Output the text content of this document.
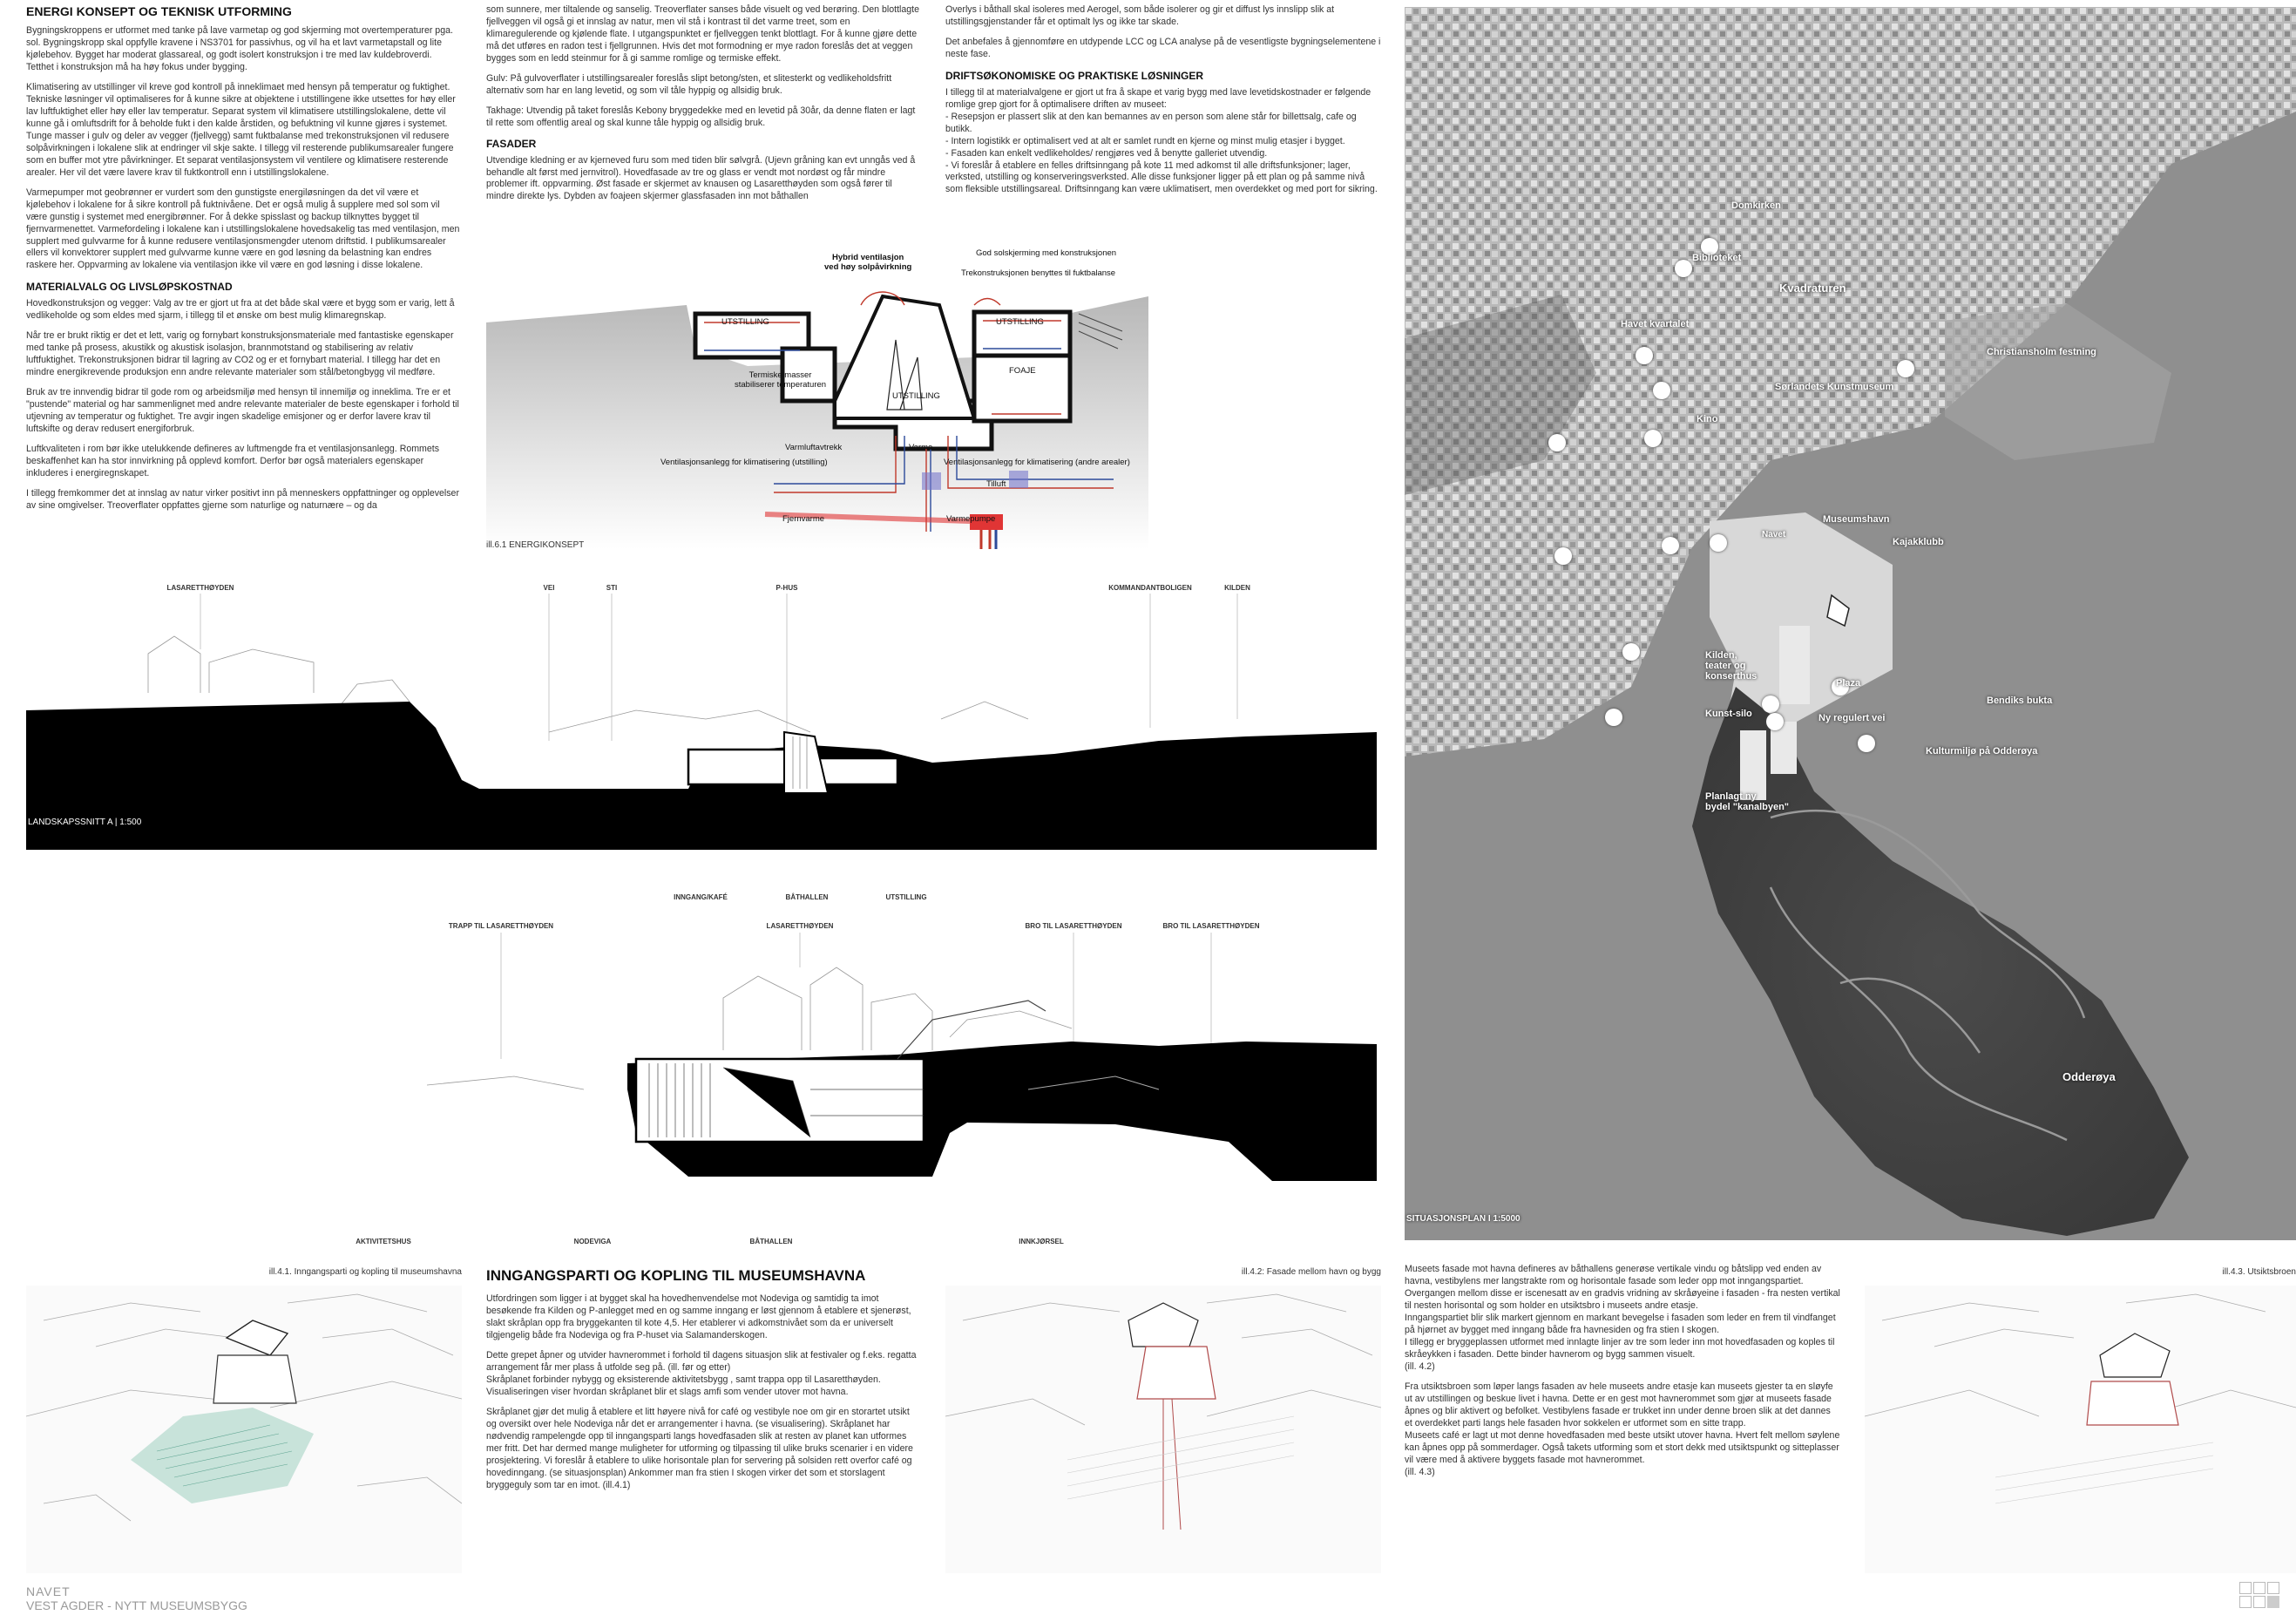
ENERGI KONSEPT OG TEKNISK UTFORMING

Bygningskroppens er utformet med tanke på lave varmetap og god skjerming mot overtemperaturer pga. sol. Bygningskropp skal oppfylle kravene i NS3701 for passivhus, og vil ha et lavt varmetapstall og lite kjølebehov. Bygget har moderat glassareal, og godt isolert konstruksjon i tre med lav kuldebroverdi. Tetthet i konstruksjon må ha høy fokus under bygging.

Klimatisering av utstillinger vil kreve god kontroll på inneklimaet med hensyn på temperatur og fuktighet. Tekniske løsninger vil optimaliseres for å kunne sikre at objektene i utstillingene ikke utsettes for høy eller lav luftfuktighet eller høy eller lav temperatur. Separat system vil klimatisere utstillingslokalene, dette vil kunne gå i omluftsdrift for å beholde fukt i den kalde årstiden, og befuktning vil kunne gjøres i systemet. Tunge masser i gulv og deler av vegger (fjellvegg) samt fuktbalanse med trekonstruksjonen vil redusere solpåvirkningen i lokalene slik at endringer vil skje sakte. I tillegg vil resterende publikumsarealer fungere som en buffer mot ytre påvirkninger. Et separat ventilasjonsystem vil ventilere og klimatisere resterende arealer. Her vil det være lavere krav til fuktkontroll enn i utstillingslokalene.

Varmepumper mot geobrønner er vurdert som den gunstigste energiløsningen da det vil være et kjølebehov i lokalene for å sikre kontroll på fuktnivåene. Det er også mulig å supplere med sol som vil være gunstig i systemet med energibrønner. For å dekke spisslast og backup tilknyttes bygget til fjernvarmenettet. Varmefordeling i lokalene kan i utstillingslokalene hovedsakelig tas med ventilasjon, men supplert med gulvvarme for å kunne redusere ventilasjonsmengder utenom driftstid. I publikumsarealer ellers vil konvektorer supplert med gulvvarme kunne være en god løsning da belastning kan endres raskere her. Oppvarming av lokalene via ventilasjon ikke vil være en god løsning i disse lokalene.

MATERIALVALG OG LIVSLØPSKOSTNAD

Hovedkonstruksjon og vegger: Valg av tre er gjort ut fra at det både skal være et bygg som er varig, lett å vedlikeholde og som eldes med sjarm, i tillegg til et ønske om best mulig klimaregnskap.

Når tre er brukt riktig er det et lett, varig og fornybart konstruksjonsmateriale med fantastiske egenskaper med tanke på prosess, akustikk og akustisk isolasjon, brannmotstand og stabilisering av relativ luftfuktighet. Trekonstruksjonen bidrar til lagring av CO2 og er et fornybart material. I tillegg har det en mindre energikrevende produksjon enn andre relevante materialer som stål/betongbygg vil medføre.

Bruk av tre innvendig bidrar til gode rom og arbeidsmiljø med hensyn til innemiljø og inneklima. Tre er et "pustende" material og har sammenlignet med andre relevante materialer de beste egenskaper i forhold til utjevning av temperatur og fuktighet. Tre avgir ingen skadelige emisjoner og er derfor lavere krav til luftskifte og derav redusert energiforbruk.

Luftkvaliteten i rom bør ikke utelukkende defineres av luftmengde fra et ventilasjonsanlegg. Rommets beskaffenhet kan ha stor innvirkning på opplevd komfort. Derfor bør også materialers egenskaper inkluderes i energiregnskapet.

I tillegg fremkommer det at innslag av natur virker positivt inn på menneskers oppfattninger og opplevelser av sine omgivelser. Treoverflater oppfattes gjerne som naturlige og naturnære – og da

som sunnere, mer tiltalende og sanselig. Treoverflater sanses både visuelt og ved berøring. Den blottlagte fjellveggen vil også gi et innslag av natur, men vil stå i kontrast til det varme treet, som en klimaregulerende og kjølende flate. I utgangspunktet er fjellveggen tenkt blottlagt. For å kunne gjøre dette må det utføres en radon test i fjellgrunnen. Hvis det mot formodning er mye radon foreslås det at veggen bygges som en ledd steinmur for å gi samme romlige og termiske effekt.

Gulv: På gulvoverflater i utstillingsarealer foreslås slipt betong/sten, et slitesterkt og vedlikeholdsfritt alternativ som har en lang levetid, og som vil tåle hyppig og allsidig bruk.

Takhage: Utvendig på taket foreslås Kebony bryggedekke med en levetid på 30år, da denne flaten er lagt til rette som offentlig areal og skal kunne tåle hyppig og allsidig bruk.

FASADER

Utvendige kledning er av kjerneved furu som med tiden blir sølvgrå. (Ujevn grånіng kan evt unngås ved å behandle alt først med jernvitrol). Hovedfasade av tre og glass er vendt mot nordøst og får mindre problemer ift. oppvarming. Øst fasade er skjermet av knausen og Lasaretthøyden som også fører til mindre direkte lys. Dybden av foajeen skjermer glassfasaden inn mot båthallen

Overlys i båthall skal isoleres med Aerogel, som både isolerer og gir et diffust lys innslipp slik at utstillingsgjenstander får et optimalt lys og ikke tar skade.

Det anbefales å gjennomføre en utdypende LCC og LCA analyse på de vesentligste bygningselementene i neste fase.

DRIFTSØKONOMISKE OG PRAKTISKE LØSNINGER

I tillegg til at materialvalgene er gjort ut fra å skape et varig bygg med lave levetidskostnader er følgende romlige grep gjort for å optimalisere driften av museet:
- Resepsjon er plassert slik at den kan bemannes av en person som alene står for billettsalg, cafe og butikk.
- Intern logistikk er optimalisert ved at alt er samlet rundt en kjerne og minst mulig etasjer i bygget.
- Fasaden kan enkelt vedlikeholdes/ rengjøres ved å benytte galleriet utvendig.
- Vi foreslår å etablere en felles driftsinngang på kote 11 med adkomst til alle driftsfunksjoner; lager, verksted, utstilling og konserveringsverksted. Alle disse funksjoner ligger på ett plan og på samme nivå som fleksible utstillingsareal. Driftsinngang kan være uklimatisert, men overdekket og med port for sikring.

Hybrid ventilasjon
ved høy solpåvirkning
God solskjerming med konstruksjonen
Trekonstruksjonen benyttes til fuktbalanse
UTSTILLING	UTSTILLING
UTSTILLING
FOAJE
Termiske masser
stabiliserer temperaturen
Varmluftavtrekk	Varme
Ventilasjonsanlegg for klimatisering (utstilling)	Ventilasjonsanlegg for klimatisering (andre arealer)
Tilluft
Fjernvarme	Varmepumpe
ill.6.1 ENERGIKONSEPT
LASARETTHØYDEN	VEI	STI	P-HUS	KOMMANDANTBOLIGEN	KILDEN
LANDSKAPSSNITT A | 1:500
INNGANG/KAFÉ	BÅTHALLEN	UTSTILLING
TRAPP TIL LASARETTHØYDEN	LASARETTHØYDEN	BRO TIL LASARETTHØYDEN	BRO TIL LASARETTHØYDEN
LANDSKAPSSNITT B | 1:500
AKTIVITETSHUS	NODEVIGA	BÅTHALLEN	INNKJØRSEL
Domkirken
Biblioteket
Kvadraturen
Havet kvartalet
Christiansholm festning
Sørlandets Kunstmuseum
Kino
Museumshavn
Kajakklubb
Navet
Kilden,
teater og
konserthus
Plaza
Kunst-silo	Ny regulert vei
Bendiks bukta
Kulturmiljø på Odderøya
Planlagt ny
bydel "kanalbyen"
Odderøya
SITUASJONSPLAN I 1:5000
ill.4.1. Inngangsparti og kopling til museumshavna INNGANGSPARTI OG KOPLING TIL MUSEUMSHAVNA

Utfordringen som ligger i at bygget skal ha hovedhenvendelse mot Nodeviga og samtidig ta imot besøkende fra Kilden og P-anlegget med en og samme inngang er løst gjennom å etablere et sjenerøst, slakt skråplan opp fra bryggekanten til kote 4,5. Her etablerer vi adkomstnivået som da er universelt tilgjengelig både fra Nodeviga og fra P-huset via Salamanderskogen.

Dette grepet åpner og utvider havnerommet i forhold til dagens situasjon slik at festivaler og f.eks. regatta arrangement får mer plass å utfolde seg på. (ill. før og etter)
Skråplanet forbinder nybygg og eksisterende aktivitetsbygg , samt trappa opp til Lasaretthøyden. Visualiseringen viser hvordan skråplanet blir et slags amfi som vender utover mot havna.

Skråplanet gjør det mulig å etablere et litt høyere nivå for café og vestibyle noe om gir en storartet utsikt og oversikt over hele Nodeviga når det er arrangementer i havna. (se visualisering). Skråplanet har nødvendig rampelengde opp til inngangsparti langs hovedfasaden slik at resten av planet kan utformes mer fritt. Det har dermed mange muligheter for utforming og tilpassing til ulike bruks scenarier i en videre prosjektering. Vi foreslår å etablere to ulike horisontale plan for servering på solsiden rett overfor café og hovedinngang. (se situasjonsplan) Ankommer man fra stien I skogen virker det som et storslagent bryggeguly som tar en imot. (ill.4.1)

ill.4.2: Fasade mellom havn og bygg	Museets fasade mot havna defineres av båthallens generøse vertikale vindu og båtslipp ved enden av havna, vestibylens mer langstrakte rom og horisontale fasade som leder opp mot inngangspartiet. Overgangen mellom disse er iscenesatt av en gradvis vridning av skråøyeine i fasaden - fra nesten vertikal til nesten horisontal og som holder en utsiktsbro i museets andre etasje.
Inngangspartiet blir slik markert gjennom en markant bevegelse i fasaden som leder en frem til vindfanget på hjørnet av bygget med inngang både fra havnesiden og fra stien I skogen.
I tillegg er bryggeplassen utformet med innlagte linjer av tre som leder inn mot hovedfasaden og koples til skråeykken i fasaden. Dette binder havnerom og bygg sammen visuelt.
(ill. 4.2)

Fra utsiktsbroen som løper langs fasaden av hele museets andre etasje kan museets gjester ta en sløyfe ut av utstillingen og beskue livet i havna. Dette er en gest mot havnerommet som gjør at museets fasade åpnes og blir aktivert og befolket. Vestibylens fasade er trukket inn under denne broen slik at det dannes et overdekket parti langs hele fasaden hvor sokkelen er utformet som en sitte trapp.
Museets café er lagt ut mot denne hovedfasaden med beste utsikt utover havna. Hvert felt mellom søylene kan åpnes opp på sommerdager. Også takets utforming som et stort dekk med utsiktspunkt og sitteplasser vil være med å aktivere byggets fasade mot havnerommet.
(ill. 4.3)

ill.4.3. Utsiktsbroen
NAVET
VEST AGDER - NYTT MUSEUMSBYGG
